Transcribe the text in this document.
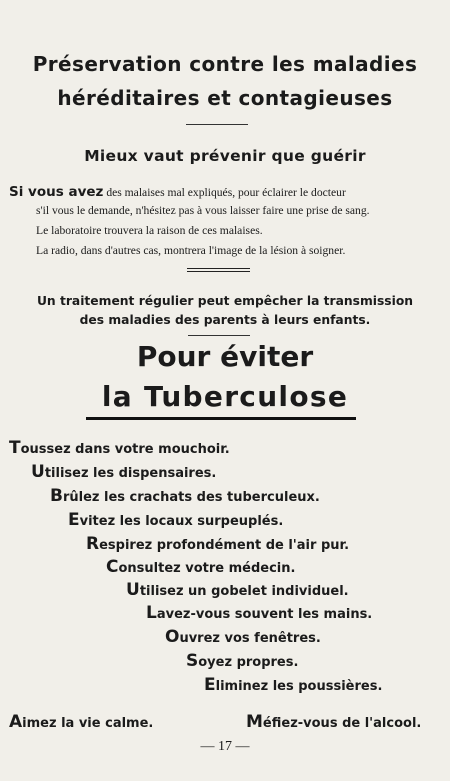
Préservation contre les maladies
héréditaires et contagieuses
Mieux vaut prévenir que guérir
Si vous avez des malaises mal expliqués, pour éclairer le docteur
s'il vous le demande, n'hésitez pas à vous laisser faire une prise de sang.
Le laboratoire trouvera la raison de ces malaises.
La radio, dans d'autres cas, montrera l'image de la lésion à soigner.
Un traitement régulier peut empêcher la transmission
des maladies des parents à leurs enfants.
Pour éviter
la Tuberculose
Toussez dans votre mouchoir.
Utilisez les dispensaires.
Brûlez les crachats des tuberculeux.
Evitez les locaux surpeuplés.
Respirez profondément de l'air pur.
Consultez votre médecin.
Utilisez un gobelet individuel.
Lavez-vous souvent les mains.
Ouvrez vos fenêtres.
Soyez propres.
Eliminez les poussières.
Aimez la vie calme.	Méfiez-vous de l'alcool.
— 17 —
